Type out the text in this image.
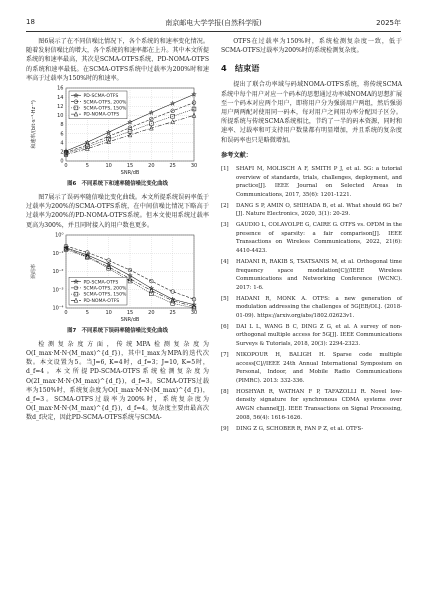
18	南京邮电大学学报(自然科学版)	2025年

图6展示了在不同信噪比情况下，各个系统的和速率变化情况。随着发射信噪比的增大，各个系统的和速率都在上升。其中本文所提系统的和速率最高，其次是SCMA-OTFS系统、PD-NOMA-OTFS的系统和速率最低。在SCMA-OTFS系统中过载率为200%时和速率高于过载率为150%时的和速率。

0	5	10	15	20	25	30
0
2
4
6
8
10
12
14
16
SNR/dB
和速率/(bit·s⁻¹·Hz⁻¹)
PD-SCMA-OTFS
SCMA-OTFS, 200%
SCMA-OTFS, 150%
PD-NOMA-OTFS
图6　不同系统下和速率随信噪比变化曲线

图7展示了误码率随信噪比变化曲线。本文所提系统误码率低于过载率为200%的SCMA-OTFS系统，在中间信噪比情况下略高于过载率为200%的PD-NOMA-OTFS系统。但本文使用系统过载率更高为300%，并且同时接入的用户数也更多。

0	5	10	15	20	25	30
10⁰
10⁻¹
10⁻²
10⁻³
10⁻⁴
SNR/dB
误码率
PD-SCMA-OTFS
SCMA-OTFS, 200%
SCMA-OTFS, 150%
PD-NOMA-OTFS
图7　不同系统下误码率随信噪比变化曲线

检测复杂度方面，传统MPA检测复杂度为O(I_max·M·N·(M_max)^{d_f})，其中I_max为MPA的迭代次数。本文设置为5。当J=6, K=4时，d_f=3；J=10, K=5时，d_f=4。本文所提PD-SCMA-OTFS系统检测复杂度为O(2I_max·M·N·(M_max)^{d_f})，d_f=3。SCMA-OTFS过载率为150%时，系统复杂度为O(I_max·M·N·(M_max)^{d_f})，d_f=3。SCMA-OTFS过载率为200%时，系统复杂度为O(I_max·M·N·(M_max)^{d_f})，d_f=4。复杂度主要由最高次数d_f决定，因此PD-SCMA-OTFS系统与SCMA-

OTFS在过载率为150%时，系统检测复杂度一致，低于SCMA-OTFS过载率为200%时的系统检测复杂度。

4　结束语

提出了联合功率域与码域NOMA-OTFS系统，将传统SCMA系统中每个用户对应一个码本的思想通过功率域NOMA的思想扩展至一个码本对应两个用户，即将用户分为强弱用户两组，然后强弱用户两两配对使用同一码本，每对用户之间用功率分配因子区分。所提系统与传统SCMA系统相比，节约了一半的码本资源，同时和速率、过载率和可支持用户数量都有明显增加，并且系统的复杂度和误码率也只是略微增加。

参考文献：
[1] SHAFI M, MOLISCH A F, SMITH P J, et al. 5G: a tutorial overview of standards, trials, challenges, deployment, and practice[J]. IEEE Journal on Selected Areas in Communications, 2017, 35(6): 1201-1221.
[2] DANG S P, AMIN O, SHIHADA B, et al. What should 6G be?[J]. Nature Electronics, 2020, 3(1): 20-29.
[3] GAUDIO L, COLAVOLPE G, CAIRE G. OTFS vs. OFDM in the presence of sparsity: a fair comparison[J]. IEEE Transactions on Wireless Communications, 2022, 21(6): 4410-4423.
[4] HADANI R, RAKIB S, TSATSANIS M, et al. Orthogonal time frequency space modulation[C]//IEEE Wireless Communications and Networking Conference (WCNC). 2017: 1-6.
[5] HADANI R, MONK A. OTFS: a new generation of modulation addressing the challenges of 5G[EB/OL]. (2018-01-09). https://arxiv.org/abs/1802.02623v1.
[6] DAI L L, WANG B C, DING Z G, et al. A survey of non-orthogonal multiple access for 5G[J]. IEEE Communications Surveys & Tutorials, 2018, 20(3): 2294-2323.
[7] NIKOPOUR H, BALIGH H. Sparse code multiple access[C]//IEEE 24th Annual International Symposium on Personal, Indoor, and Mobile Radio Communications (PIMRC). 2013: 332-336.
[8] HOSHYAR R, WATHAN F P, TAFAZOLLI R. Novel low-density signature for synchronous CDMA systems over AWGN channel[J]. IEEE Transactions on Signal Processing, 2008, 56(4): 1616-1626.
[9] DING Z G, SCHOBER R, FAN P Z, et al. OTFS-
